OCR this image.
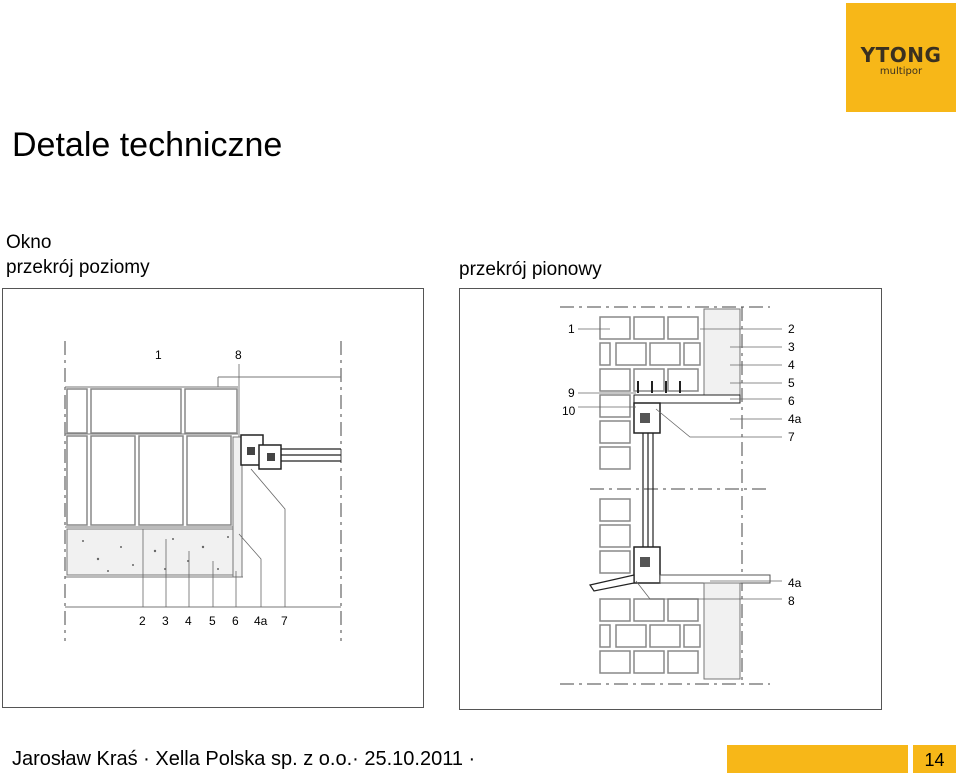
YTONG
multipor
Detale techniczne
Okno
przekrój poziomy	przekrój pionowy
1	8
2 3 4 5 6 4a 7
1
9
10
2
3
4
5
6
4a
7
4a
8
Jarosław Kraś · Xella Polska sp. z o.o.· 25.10.2011 ·	14
